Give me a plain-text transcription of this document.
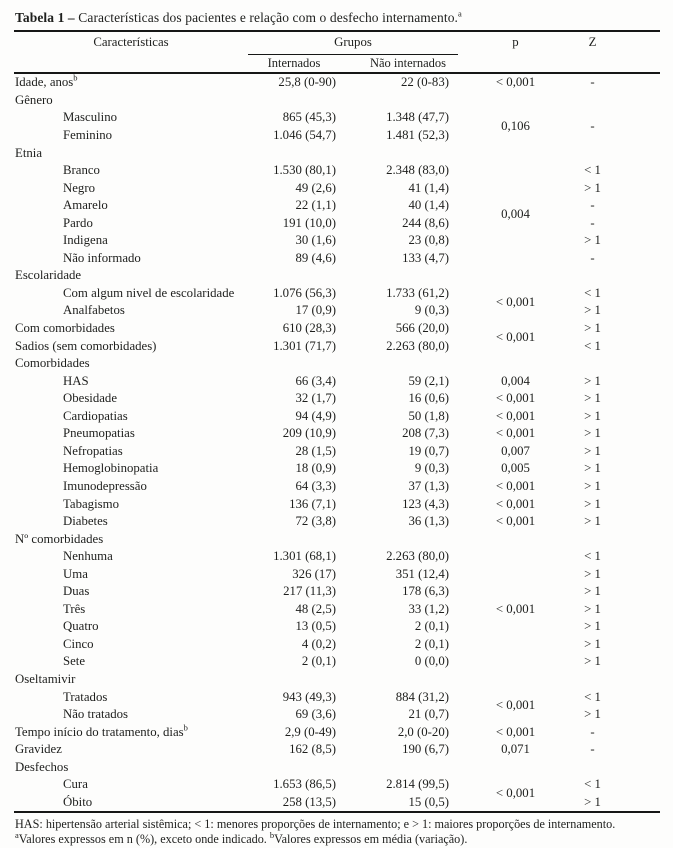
Tabela 1 – Características dos pacientes e relação com o desfecho internamento.$^a$
Características	Grupos		p	Z
	Internados	Não internados		
Idade, anos$^b$	25,8 (0-90)	22 (0-83)	< 0,001	-
Gênero				
Masculino	865 (45,3)	1.348 (47,7)	0,106	-
Feminino	1.046 (54,7)	1.481 (52,3)		
Etnia				
Branco	1.530 (80,1)	2.348 (83,0)	0,004	< 1
Negro	49 (2,6)	41 (1,4)		> 1
Amarelo	22 (1,1)	40 (1,4)		-
Pardo	191 (10,0)	244 (8,6)		-
Indigena	30 (1,6)	23 (0,8)		> 1
Não informado	89 (4,6)	133 (4,7)		-
Escolaridade				
Com algum nivel de escolaridade	1.076 (56,3)	1.733 (61,2)	< 0,001	< 1
Analfabetos	17 (0,9)	9 (0,3)		> 1
Com comorbidades	610 (28,3)	566 (20,0)	< 0,001	> 1
Sadios (sem comorbidades)	1.301 (71,7)	2.263 (80,0)		< 1
Comorbidades				
HAS	66 (3,4)	59 (2,1)	0,004	> 1
Obesidade	32 (1,7)	16 (0,6)	< 0,001	> 1
Cardiopatias	94 (4,9)	50 (1,8)	< 0,001	> 1
Pneumopatias	209 (10,9)	208 (7,3)	< 0,001	> 1
Nefropatias	28 (1,5)	19 (0,7)	0,007	> 1
Hemoglobinopatia	18 (0,9)	9 (0,3)	0,005	> 1
Imunodepressão	64 (3,3)	37 (1,3)	< 0,001	> 1
Tabagismo	136 (7,1)	123 (4,3)	< 0,001	> 1
Diabetes	72 (3,8)	36 (1,3)	< 0,001	> 1
Nº comorbidades				
Nenhuma	1.301 (68,1)	2.263 (80,0)	< 0,001	< 1
Uma	326 (17)	351 (12,4)		> 1
Duas	217 (11,3)	178 (6,3)		> 1
Três	48 (2,5)	33 (1,2)		> 1
Quatro	13 (0,5)	2 (0,1)		> 1
Cinco	4 (0,2)	2 (0,1)		> 1
Sete	2 (0,1)	0 (0,0)		> 1
Oseltamivir				
Tratados	943 (49,3)	884 (31,2)	< 0,001	< 1
Não tratados	69 (3,6)	21 (0,7)		> 1
Tempo início do tratamento, dias$^b$	2,9 (0-49)	2,0 (0-20)	< 0,001	-
Gravidez	162 (8,5)	190 (6,7)	0,071	-
Desfechos				
Cura	1.653 (86,5)	2.814 (99,5)	< 0,001	< 1
Óbito	258 (13,5)	15 (0,5)		> 1

HAS: hipertensão arterial sistêmica; < 1: menores proporções de internamento; e > 1: maiores proporções de internamento.

$^a$Valores expressos em n (%), exceto onde indicado. $^b$Valores expressos em média (variação).
